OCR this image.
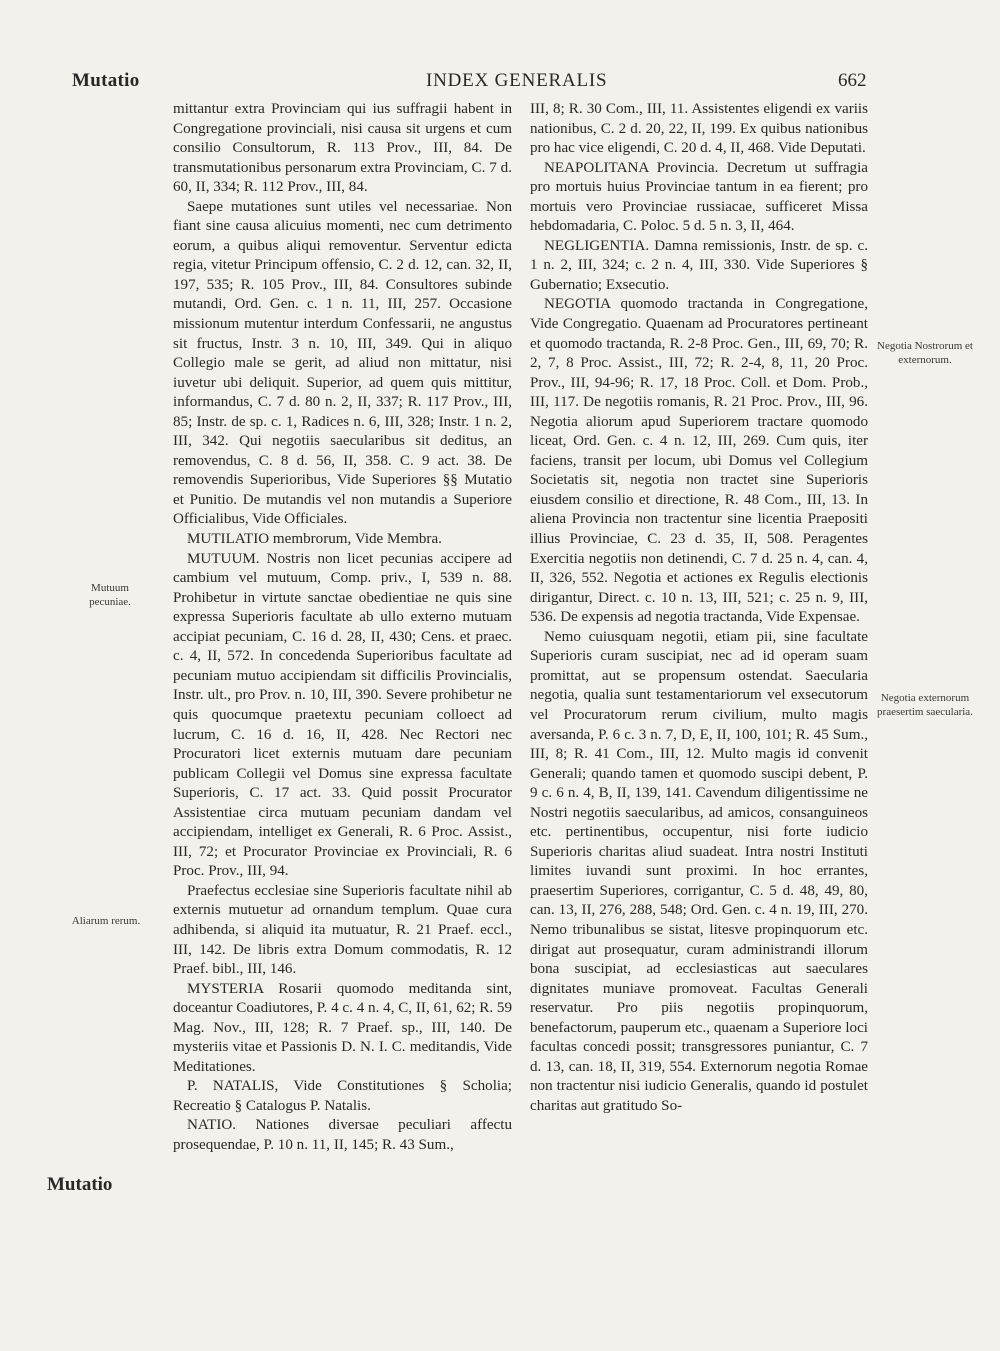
Mutatio	INDEX GENERALIS	662
Mutuum pecuniae.
Aliarum rerum.
Negotia Nostrorum et externorum.
Negotia externorum praesertim saecularia.

mittantur extra Provinciam qui ius suffragii habent in Congregatione provinciali, nisi causa sit urgens et cum consilio Consultorum, R. 113 Prov., III, 84. De transmutationibus personarum extra Provinciam, C. 7 d. 60, II, 334; R. 112 Prov., III, 84.

Saepe mutationes sunt utiles vel necessariae. Non fiant sine causa alicuius momenti, nec cum detrimento eorum, a quibus aliqui removentur. Serventur edicta regia, vitetur Principum offensio, C. 2 d. 12, can. 32, II, 197, 535; R. 105 Prov., III, 84. Consultores subinde mutandi, Ord. Gen. c. 1 n. 11, III, 257. Occasione missionum mutentur interdum Confessarii, ne angustus sit fructus, Instr. 3 n. 10, III, 349. Qui in aliquo Collegio male se gerit, ad aliud non mittatur, nisi iuvetur ubi deliquit. Superior, ad quem quis mittitur, informandus, C. 7 d. 80 n. 2, II, 337; R. 117 Prov., III, 85; Instr. de sp. c. 1, Radices n. 6, III, 328; Instr. 1 n. 2, III, 342. Qui negotiis saecularibus sit deditus, an removendus, C. 8 d. 56, II, 358. C. 9 act. 38. De removendis Superioribus, Vide Superiores §§ Mutatio et Punitio. De mutandis vel non mutandis a Superiore Officialibus, Vide Officiales.

MUTILATIO membrorum, Vide Membra.

MUTUUM. Nostris non licet pecunias accipere ad cambium vel mutuum, Comp. priv., I, 539 n. 88. Prohibetur in virtute sanctae obedientiae ne quis sine expressa Superioris facultate ab ullo externo mutuam accipiat pecuniam, C. 16 d. 28, II, 430; Cens. et praec. c. 4, II, 572. In concedenda Superioribus facultate ad pecuniam mutuo accipiendam sit difficilis Provincialis, Instr. ult., pro Prov. n. 10, III, 390. Severe prohibetur ne quis quocumque praetextu pecuniam colloect ad lucrum, C. 16 d. 16, II, 428. Nec Rectori nec Procuratori licet externis mutuam dare pecuniam publicam Collegii vel Domus sine expressa facultate Superioris, C. 17 act. 33. Quid possit Procurator Assistentiae circa mutuam pecuniam dandam vel accipiendam, intelliget ex Generali, R. 6 Proc. Assist., III, 72; et Procurator Provinciae ex Provinciali, R. 6 Proc. Prov., III, 94.

Praefectus ecclesiae sine Superioris facultate nihil ab externis mutuetur ad ornandum templum. Quae cura adhibenda, si aliquid ita mutuatur, R. 21 Praef. eccl., III, 142. De libris extra Domum commodatis, R. 12 Praef. bibl., III, 146.

MYSTERIA Rosarii quomodo meditanda sint, doceantur Coadiutores, P. 4 c. 4 n. 4, C, II, 61, 62; R. 59 Mag. Nov., III, 128; R. 7 Praef. sp., III, 140. De mysteriis vitae et Passionis D. N. I. C. meditandis, Vide Meditationes.

P. NATALIS, Vide Constitutiones § Scholia; Recreatio § Catalogus P. Natalis.

NATIO. Nationes diversae peculiari affectu prosequendae, P. 10 n. 11, II, 145; R. 43 Sum.,

III, 8; R. 30 Com., III, 11. Assistentes eligendi ex variis nationibus, C. 2 d. 20, 22, II, 199. Ex quibus nationibus pro hac vice eligendi, C. 20 d. 4, II, 468. Vide Deputati.

NEAPOLITANA Provincia. Decretum ut suffragia pro mortuis huius Provinciae tantum in ea fierent; pro mortuis vero Provinciae russiacae, sufficeret Missa hebdomadaria, C. Poloc. 5 d. 5 n. 3, II, 464.

NEGLIGENTIA. Damna remissionis, Instr. de sp. c. 1 n. 2, III, 324; c. 2 n. 4, III, 330. Vide Superiores § Gubernatio; Exsecutio.

NEGOTIA quomodo tractanda in Congregatione, Vide Congregatio. Quaenam ad Procuratores pertineant et quomodo tractanda, R. 2-8 Proc. Gen., III, 69, 70; R. 2, 7, 8 Proc. Assist., III, 72; R. 2-4, 8, 11, 20 Proc. Prov., III, 94-96; R. 17, 18 Proc. Coll. et Dom. Prob., III, 117. De negotiis romanis, R. 21 Proc. Prov., III, 96. Negotia aliorum apud Superiorem tractare quomodo liceat, Ord. Gen. c. 4 n. 12, III, 269. Cum quis, iter faciens, transit per locum, ubi Domus vel Collegium Societatis sit, negotia non tractet sine Superioris eiusdem consilio et directione, R. 48 Com., III, 13. In aliena Provincia non tractentur sine licentia Praepositi illius Provinciae, C. 23 d. 35, II, 508. Peragentes Exercitia negotiis non detinendi, C. 7 d. 25 n. 4, can. 4, II, 326, 552. Negotia et actiones ex Regulis electionis dirigantur, Direct. c. 10 n. 13, III, 521; c. 25 n. 9, III, 536. De expensis ad negotia tractanda, Vide Expensae.

Nemo cuiusquam negotii, etiam pii, sine facultate Superioris curam suscipiat, nec ad id operam suam promittat, aut se propensum ostendat. Saecularia negotia, qualia sunt testamentariorum vel exsecutorum vel Procuratorum rerum civilium, multo magis aversanda, P. 6 c. 3 n. 7, D, E, II, 100, 101; R. 45 Sum., III, 8; R. 41 Com., III, 12. Multo magis id convenit Generali; quando tamen et quomodo suscipi debent, P. 9 c. 6 n. 4, B, II, 139, 141. Cavendum diligentissime ne Nostri negotiis saecularibus, ad amicos, consanguineos etc. pertinentibus, occupentur, nisi forte iudicio Superioris charitas aliud suadeat. Intra nostri Instituti limites iuvandi sunt proximi. In hoc errantes, praesertim Superiores, corrigantur, C. 5 d. 48, 49, 80, can. 13, II, 276, 288, 548; Ord. Gen. c. 4 n. 19, III, 270. Nemo tribunalibus se sistat, litesve propinquorum etc. dirigat aut prosequatur, curam administrandi illorum bona suscipiat, ad ecclesiasticas aut saeculares dignitates muniave promoveat. Facultas Generali reservatur. Pro piis negotiis propinquorum, benefactorum, pauperum etc., quaenam a Superiore loci facultas concedi possit; transgressores puniantur, C. 7 d. 13, can. 18, II, 319, 554. Externorum negotia Romae non tractentur nisi iudicio Generalis, quando id postulet charitas aut gratitudo So-

Mutatio
